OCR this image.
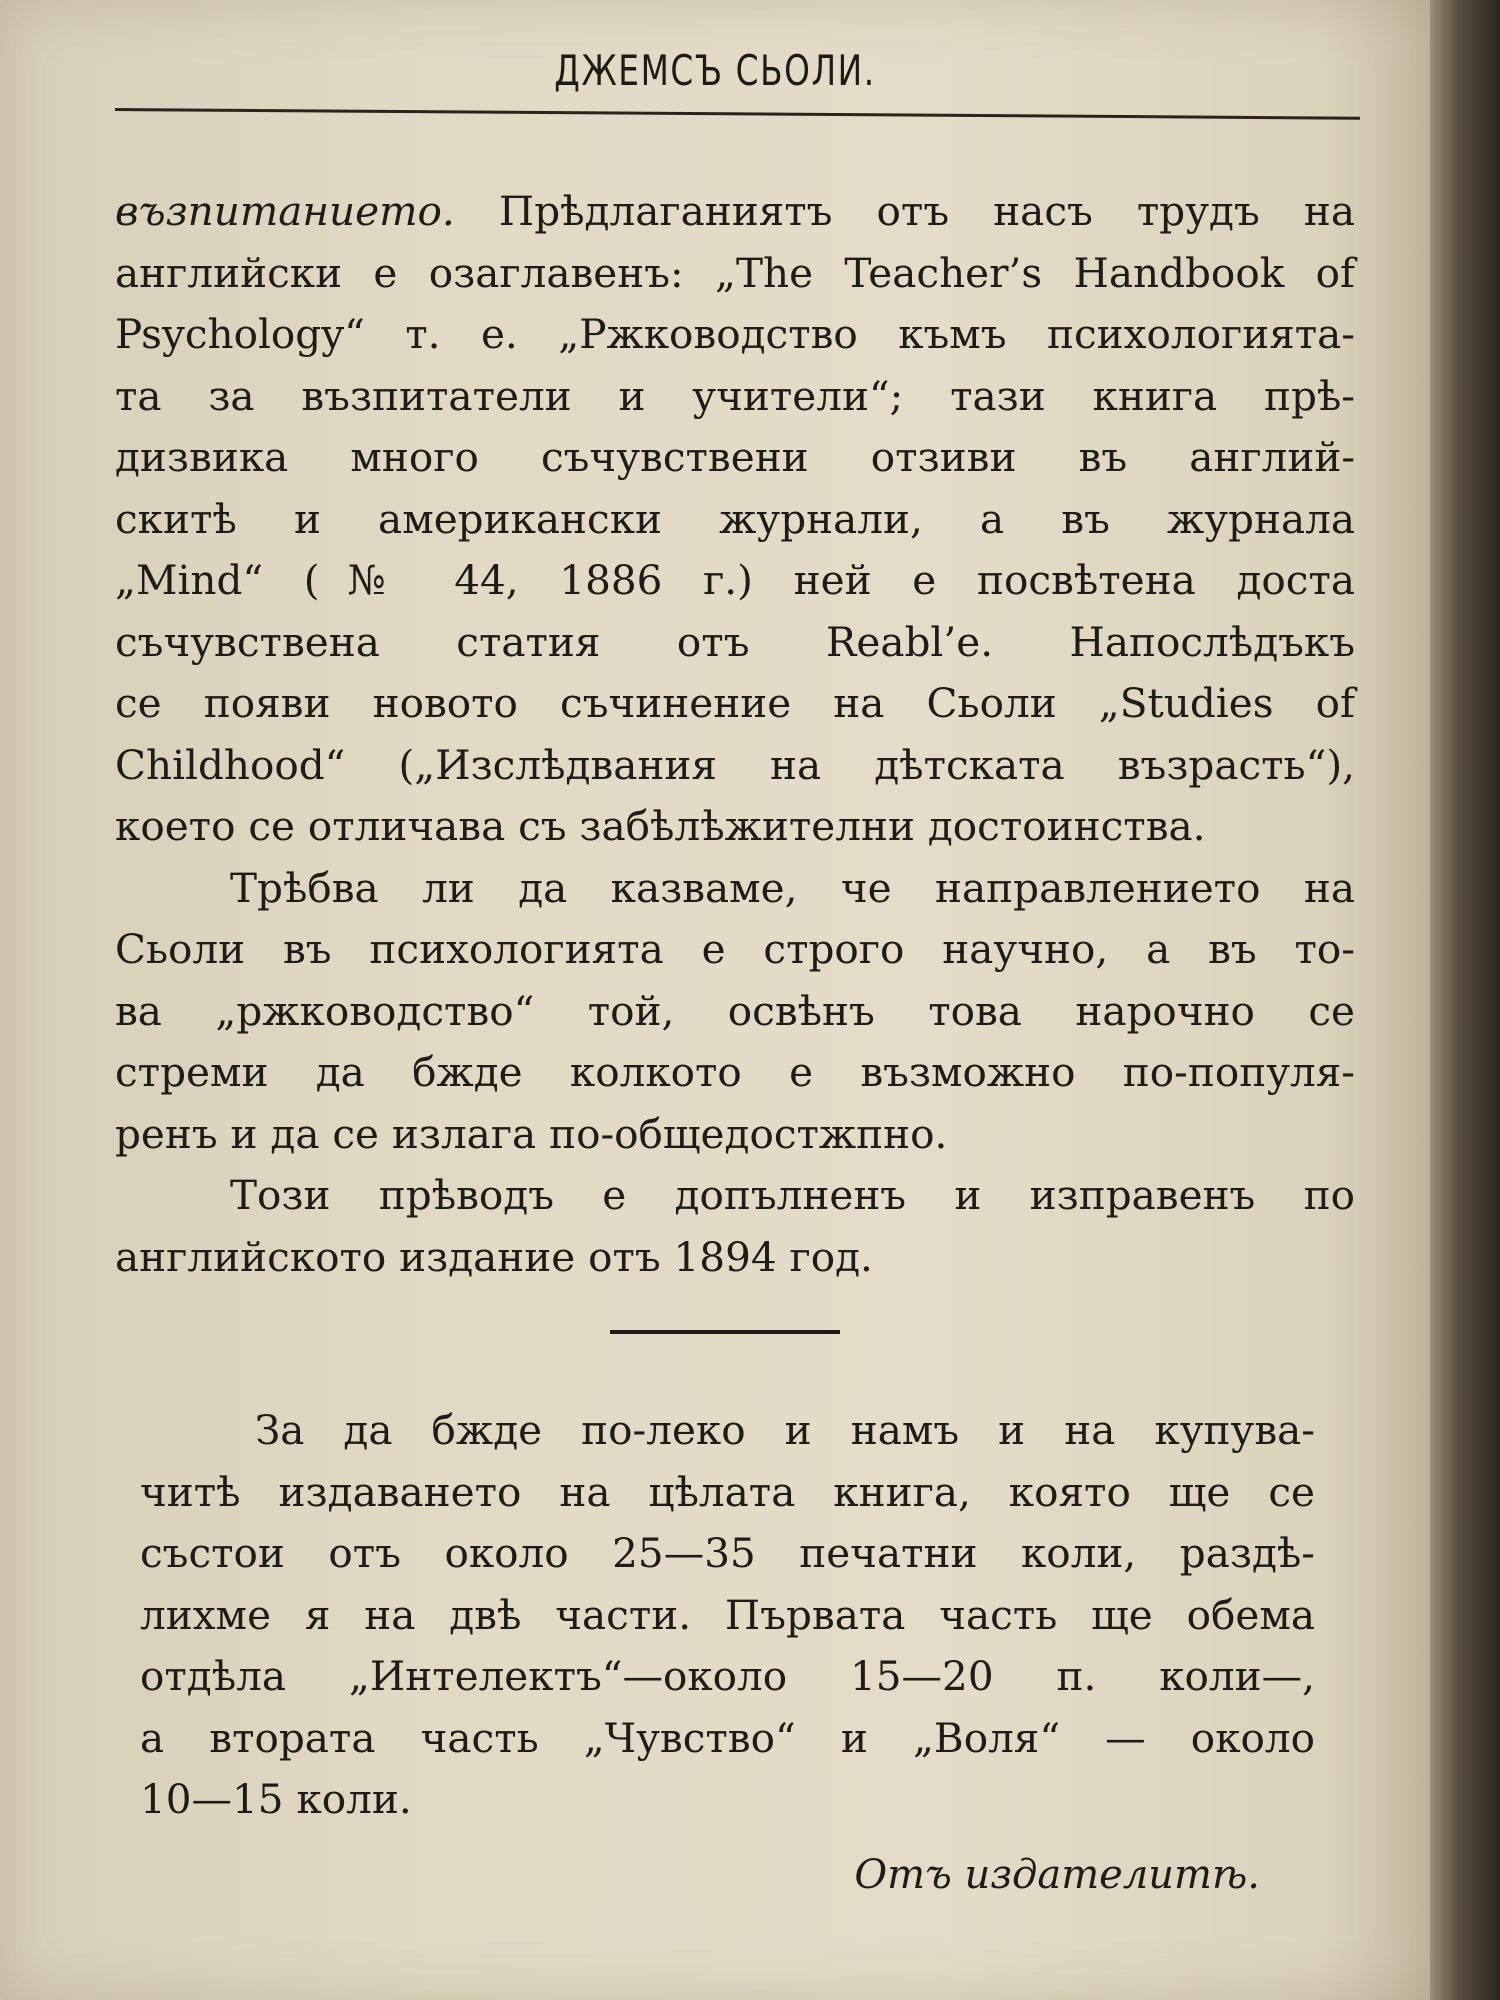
ДЖЕМСЪ СЬОЛИ.
възпитанието. Прѣдлаганиятъ отъ насъ трудъ на
английски е озаглавенъ: „The Teacher’s Handbook of
Psychology“ т. е. „Ржководство къмъ психологията-
та за възпитатели и учители“; тази книга прѣ-
дизвика много съчувствени отзиви въ англий-
скитѣ и американски журнали, а въ журнала
„Mind“ (№ 44, 1886 г.) ней е посвѣтена доста
съчувствена статия отъ Reabl’e. Напослѣдъкъ
се появи новото съчинение на Сьоли „Studies of
Childhood“ („Изслѣдвания на дѣтската възрасть“),
което се отличава съ забѣлѣжителни достоинства.
Трѣбва ли да казваме, че направлението на
Сьоли въ психологията е строго научно, а въ то-
ва „ржководство“ той, освѣнъ това нарочно се
стреми да бжде колкото е възможно по-популя-
ренъ и да се излага по-общедостжпно.
Този прѣводъ е допълненъ и изправенъ по
английското издание отъ 1894 год.
За да бжде по-леко и намъ и на купува-
читѣ издаването на цѣлата книга, която ще се
състои отъ около 25—35 печатни коли, раздѣ-
лихме я на двѣ части. Първата часть ще обема
отдѣла „Интелектъ“—около 15—20 п. коли—,
а втората часть „Чувство“ и „Воля“ — около
10—15 коли.
Отъ издателитѣ.
